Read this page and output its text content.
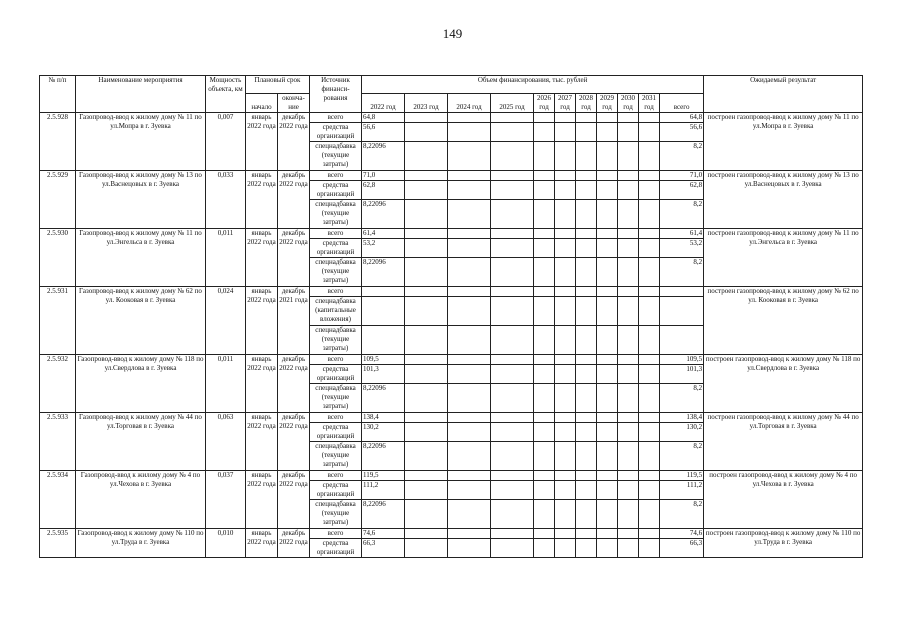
149
№ п/п	Наименование мероприятия	Мощность объекта, км	Плановый срок		Источник финанси-рования	Объем финансирования, тыс. рублей											Ожидаемый результат
			начало	оконча-ние		2022 год	2023 год	2024 год	2025 год	2026 год	2027 год	2028 год	2029 год	2030 год	2031 год	всего	
2.5.928	Газопровод-ввод к жилому дому № 11 по ул.Мопра в г. Зуевка	0,007	январь 2022 года	декабрь 2022 года	всего	64,8										64,8	построен газопровод-ввод к жилому дому № 11 по ул.Мопра в г. Зуевка
					средства организаций	56,6										56,6	
					спецнадбавка (текущие затраты)	8,22096										8,2	
2.5.929	Газопровод-ввод к жилому дому № 13 по ул.Васнецовых в г. Зуевка	0,033	январь 2022 года	декабрь 2022 года	всего	71,0										71,0	построен газопровод-ввод к жилому дому № 13 по ул.Васнецовых в г. Зуевка
					средства организаций	62,8										62,8	
					спецнадбавка (текущие затраты)	8,22096										8,2	
2.5.930	Газопровод-ввод к жилому дому № 11 по ул.Энгельса в г. Зуевка	0,011	январь 2022 года	декабрь 2022 года	всего	61,4										61,4	построен газопровод-ввод к жилому дому № 11 по ул.Энгельса в г. Зуевка
					средства организаций	53,2										53,2	
					спецнадбавка (текущие затраты)	8,22096										8,2	
2.5.931	Газопровод-ввод к жилому дому № 62 по ул. Кооковая в г. Зуевка	0,024	январь 2022 года	декабрь 2021 года	всего												построен газопровод-ввод к жилому дому № 62 по ул. Кооковая в г. Зуевка
					спецнадбавка (капитальные вложения)												
					спецнадбавка (текущие затраты)												
2.5.932	Газопровод-ввод к жилому дому № 118 по ул.Свердлова в г. Зуевка	0,011	январь 2022 года	декабрь 2022 года	всего	109,5										109,5	построен газопровод-ввод к жилому дому № 118 по ул.Свердлова в г. Зуевка
					средства организаций	101,3										101,3	
					спецнадбавка (текущие затраты)	8,22096										8,2	
2.5.933	Газопровод-ввод к жилому дому № 44 по ул.Торговая в г. Зуевка	0,063	январь 2022 года	декабрь 2022 года	всего	138,4										138,4	построен газопровод-ввод к жилому дому № 44 по ул.Торговая в г. Зуевка
					средства организаций	130,2										130,2	
					спецнадбавка (текущие затраты)	8,22096										8,2	
2.5.934	Газопровод-ввод к жилому дому № 4 по ул.Чехова в г. Зуевка	0,037	январь 2022 года	декабрь 2022 года	всего	119,5										119,5	построен газопровод-ввод к жилому дому № 4 по ул.Чехова в г. Зуевка
					средства организаций	111,2										111,2	
					спецнадбавка (текущие затраты)	8,22096										8,2	
2.5.935	Газопровод-ввод к жилому дому № 110 по ул.Труда в г. Зуевка	0,010	январь 2022 года	декабрь 2022 года	всего	74,6										74,6	построен газопровод-ввод к жилому дому № 110 по ул.Труда в г. Зуевка
					средства организаций	66,3										66,3	
